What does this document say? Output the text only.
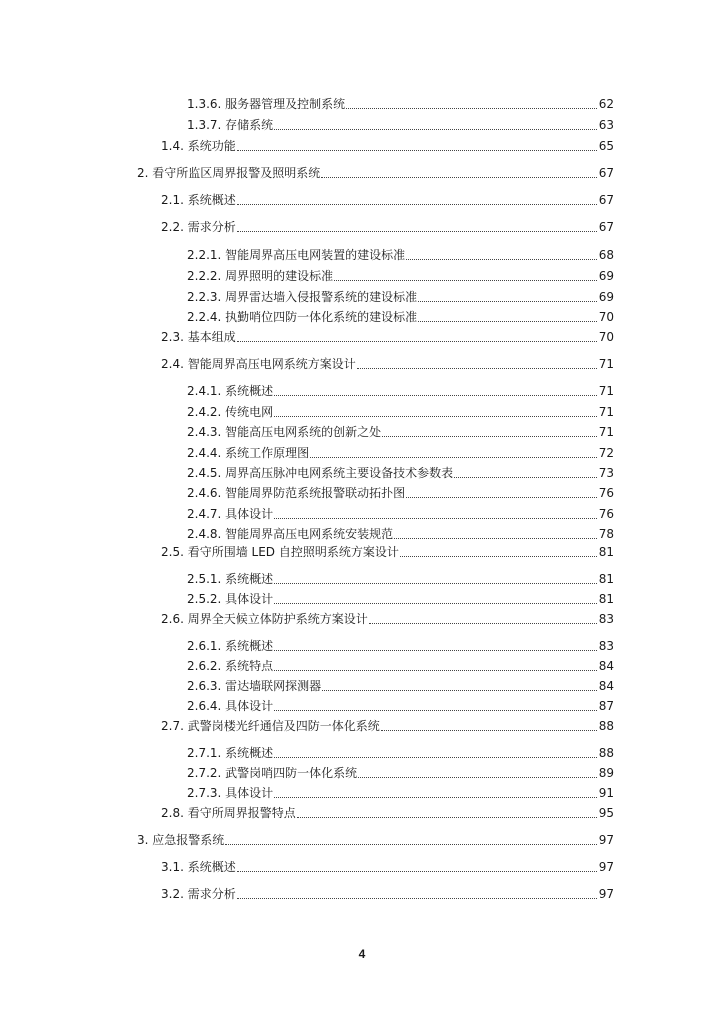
1.3.6. 服务器管理及控制系统	62
1.3.7. 存储系统	63
1.4. 系统功能	65
2. 看守所监区周界报警及照明系统	67
2.1. 系统概述	67
2.2. 需求分析	67
2.2.1. 智能周界高压电网装置的建设标准	68
2.2.2. 周界照明的建设标准	69
2.2.3. 周界雷达墙入侵报警系统的建设标准	69
2.2.4. 执勤哨位四防一体化系统的建设标准	70
2.3. 基本组成	70
2.4. 智能周界高压电网系统方案设计	71
2.4.1. 系统概述	71
2.4.2. 传统电网	71
2.4.3. 智能高压电网系统的创新之处	71
2.4.4. 系统工作原理图	72
2.4.5. 周界高压脉冲电网系统主要设备技术参数表	73
2.4.6. 智能周界防范系统报警联动拓扑图	76
2.4.7. 具体设计	76
2.4.8. 智能周界高压电网系统安装规范	78
2.5. 看守所围墙 LED 自控照明系统方案设计	81
2.5.1. 系统概述	81
2.5.2. 具体设计	81
2.6. 周界全天候立体防护系统方案设计	83
2.6.1. 系统概述	83
2.6.2. 系统特点	84
2.6.3. 雷达墙联网探测器	84
2.6.4. 具体设计	87
2.7. 武警岗楼光纤通信及四防一体化系统	88
2.7.1. 系统概述	88
2.7.2. 武警岗哨四防一体化系统	89
2.7.3. 具体设计	91
2.8. 看守所周界报警特点	95
3. 应急报警系统	97
3.1. 系统概述	97
3.2. 需求分析	97
4
